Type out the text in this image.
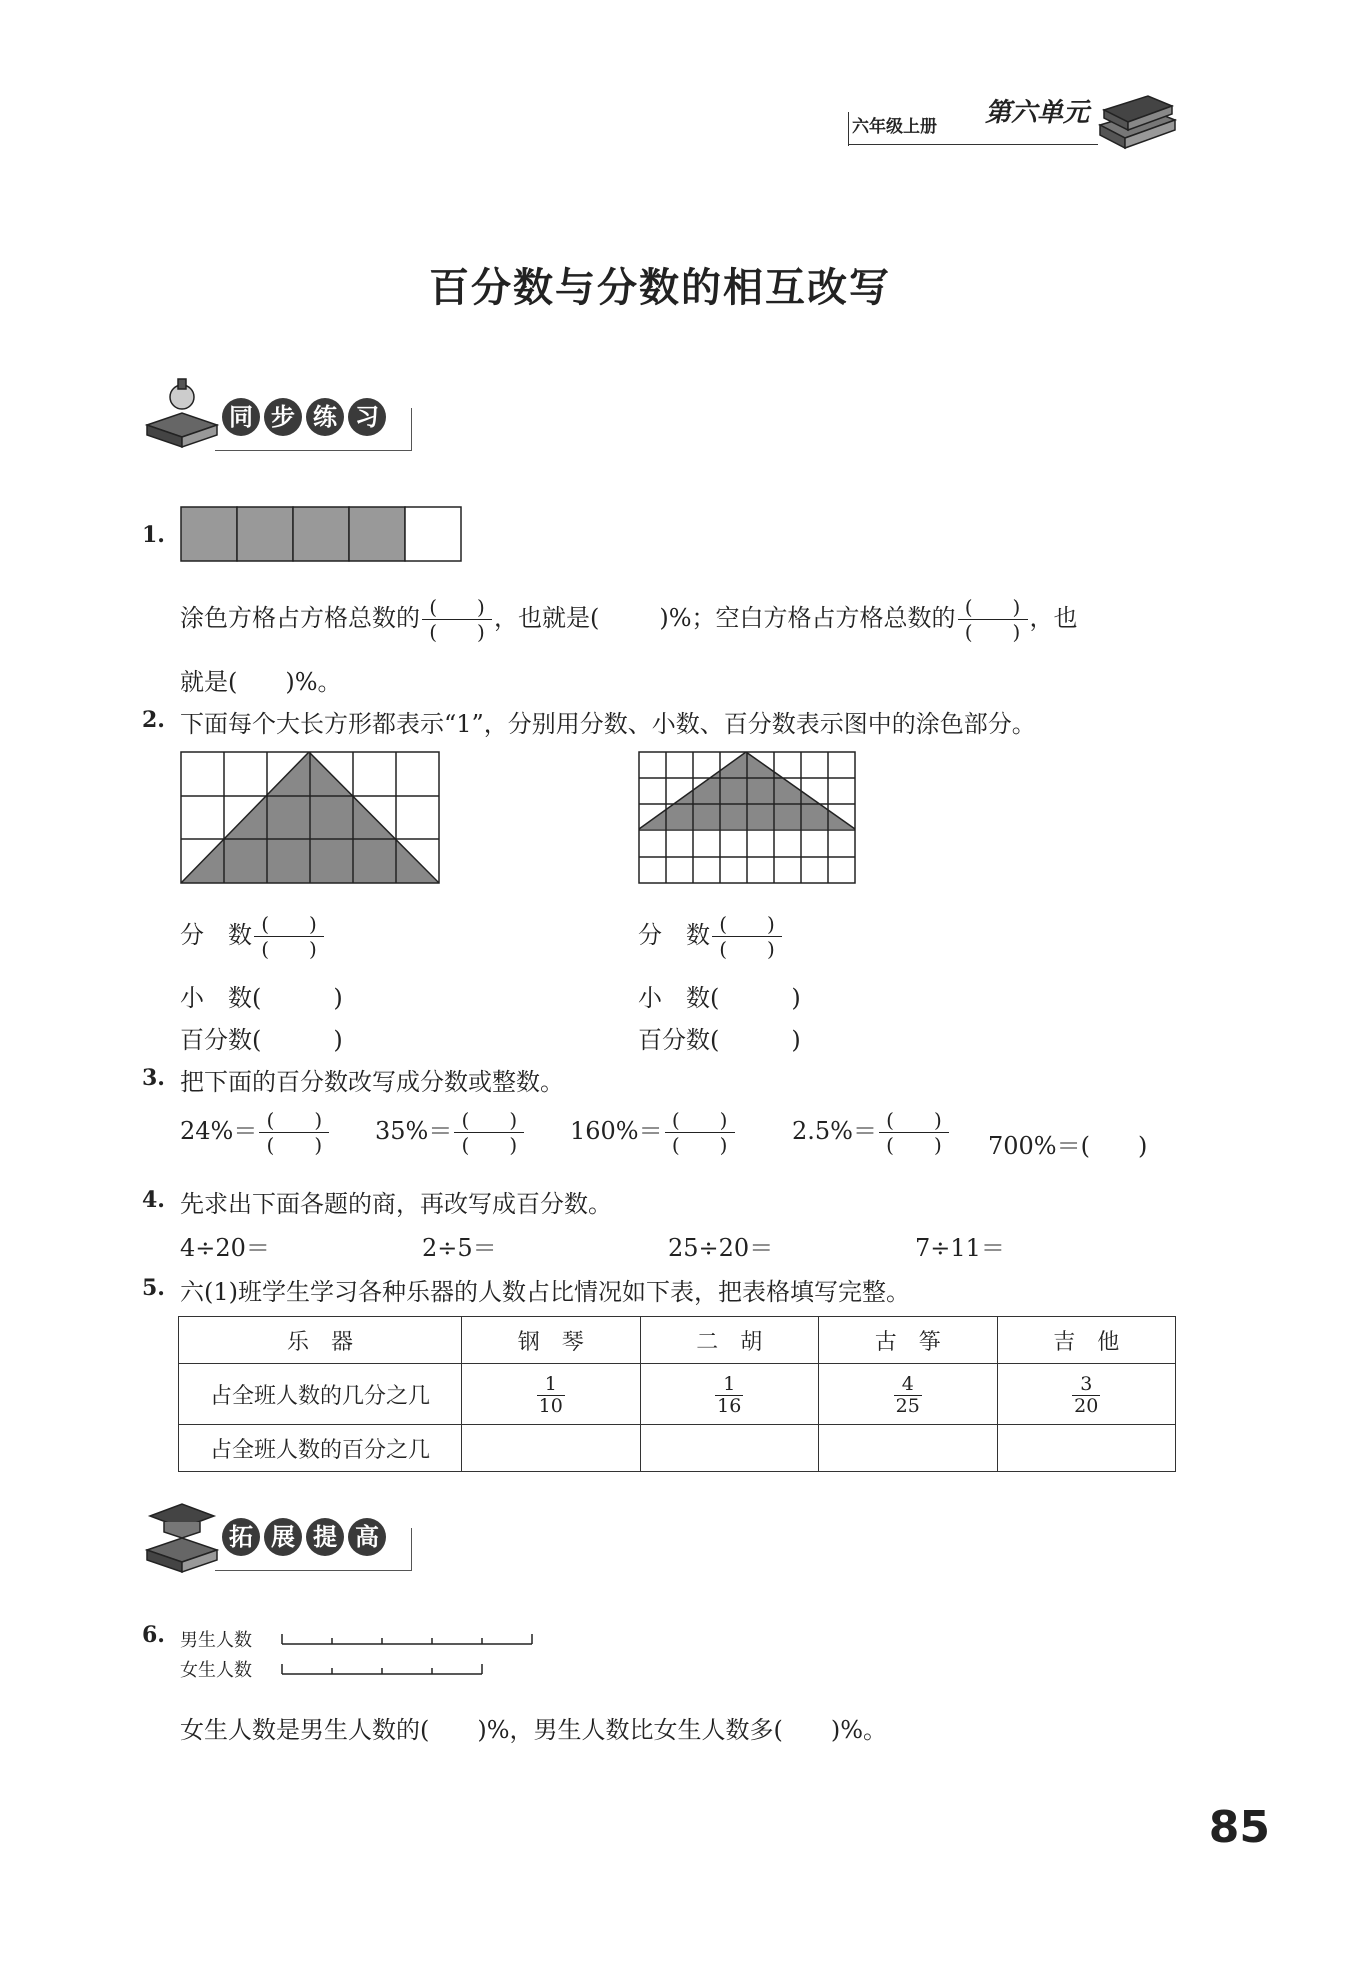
六年级上册	第六单元
百分数与分数的相互改写
同 步 练 习
1.
涂色方格占方格总数的 $\frac{( )}{( )}$ ，也就是(	)%；空白方格占方格总数的 $\frac{( )}{( )}$ ，也
就是(　　)%。
2. 下面每个大长方形都表示“1”，分别用分数、小数、百分数表示图中的涂色部分。
分　数 $\frac{( )}{( )}$
小　数(　　　)
百分数(　　　)
分　数 $\frac{( )}{( )}$
小　数(　　　)
百分数(　　　)
3. 把下面的百分数改写成分数或整数。
$24\%= \frac{( )}{( )} 35\%= \frac{( )}{( )} 160\%= \frac{( )}{( )} 2.5\%= \frac{( )}{( )} 700\%=$(　　)
4. 先求出下面各题的商，再改写成百分数。
4÷20＝	2÷5＝	25÷20＝	7÷11＝
5. 六(1)班学生学习各种乐器的人数占比情况如下表，把表格填写完整。
乐　器	钢　琴	二　胡	古　筝	吉　他
占全班人数的几分之几	$\frac{1}{10}$	$\frac{1}{16}$	$\frac{4}{25}$	$\frac{3}{20}$

占全班人数的百分之几				
拓 展 提 高
6. 男生人数
女生人数
女生人数是男生人数的(　　)%，男生人数比女生人数多(　　)%。
85
